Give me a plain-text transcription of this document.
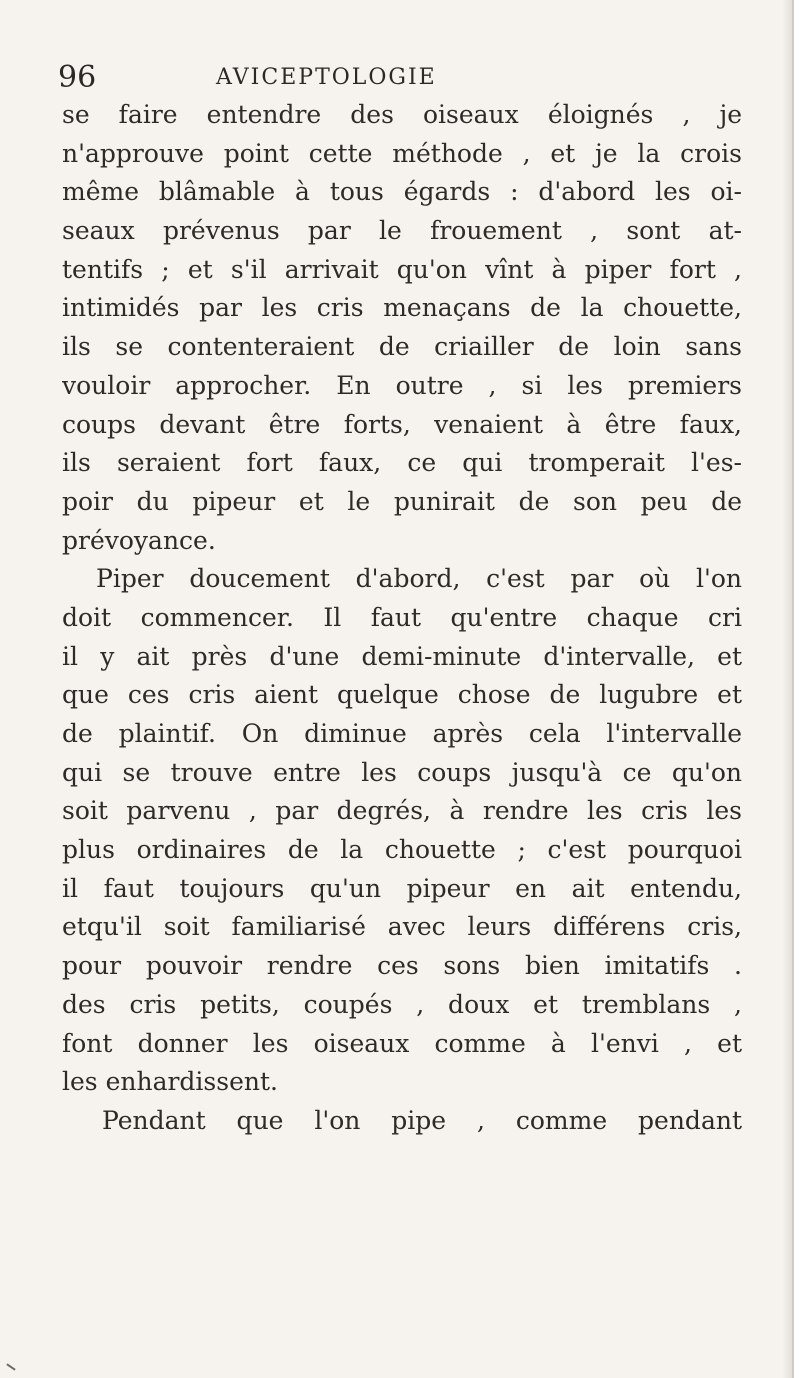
96	AVICEPTOLOGIE
se faire entendre des oiseaux éloignés , je
n'approuve point cette méthode , et je la crois
même blâmable à tous égards : d'abord les oi-
seaux prévenus par le frouement , sont at-
tentifs ; et s'il arrivait qu'on vînt à piper fort ,
intimidés par les cris menaçans de la chouette,
ils se contenteraient de criailler de loin sans
vouloir approcher. En outre , si les premiers
coups devant être forts, venaient à être faux,
ils seraient fort faux, ce qui tromperait l'es-
poir du pipeur et le punirait de son peu de
prévoyance.
Piper doucement d'abord, c'est par où l'on
doit commencer. Il faut qu'entre chaque cri
il y ait près d'une demi-minute d'intervalle, et
que ces cris aient quelque chose de lugubre et
de plaintif. On diminue après cela l'intervalle
qui se trouve entre les coups jusqu'à ce qu'on
soit parvenu , par degrés, à rendre les cris les
plus ordinaires de la chouette ; c'est pourquoi
il faut toujours qu'un pipeur en ait entendu,
etqu'il soit familiarisé avec leurs différens cris,
pour pouvoir rendre ces sons bien imitatifs .
des cris petits, coupés , doux et tremblans ,
font donner les oiseaux comme à l'envi , et
les enhardissent.
Pendant que l'on pipe , comme pendant
